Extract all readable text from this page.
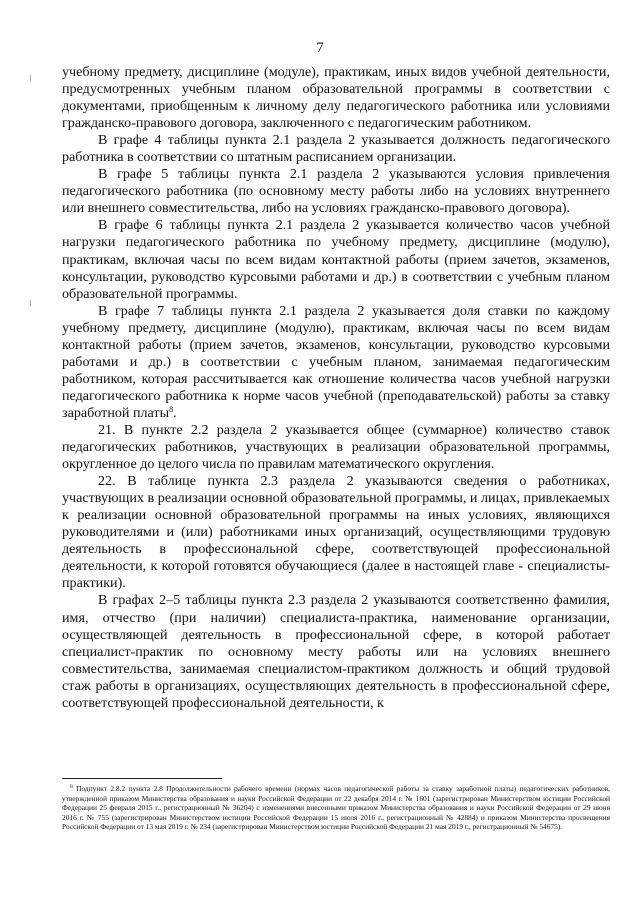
7

учебному предмету, дисциплине (модуле), практикам, иных видов учебной деятельности, предусмотренных учебным планом образовательной программы в соответствии с документами, приобщенным к личному делу педагогического работника или условиями гражданско-правового договора, заключенного с педагогическим работником.

В графе 4 таблицы пункта 2.1 раздела 2 указывается должность педагогического работника в соответствии со штатным расписанием организации.

В графе 5 таблицы пункта 2.1 раздела 2 указываются условия привлечения педагогического работника (по основному месту работы либо на условиях внутреннего или внешнего совместительства, либо на условиях гражданско-правового договора).

В графе 6 таблицы пункта 2.1 раздела 2 указывается количество часов учебной нагрузки педагогического работника по учебному предмету, дисциплине (модулю), практикам, включая часы по всем видам контактной работы (прием зачетов, экзаменов, консультации, руководство курсовыми работами и др.) в соответствии с учебным планом образовательной программы.

В графе 7 таблицы пункта 2.1 раздела 2 указывается доля ставки по каждому учебному предмету, дисциплине (модулю), практикам, включая часы по всем видам контактной работы (прием зачетов, экзаменов, консультации, руководство курсовыми работами и др.) в соответствии с учебным планом, занимаемая педагогическим работником, которая рассчитывается как отношение количества часов учебной нагрузки педагогического работника к норме часов учебной (преподавательской) работы за ставку заработной платы$^8$.

21. В пункте 2.2 раздела 2 указывается общее (суммарное) количество ставок педагогических работников, участвующих в реализации образовательной программы, округленное до целого числа по правилам математического округления.

22. В таблице пункта 2.3 раздела 2 указываются сведения о работниках, участвующих в реализации основной образовательной программы, и лицах, привлекаемых к реализации основной образовательной программы на иных условиях, являющихся руководителями и (или) работниками иных организаций, осуществляющими трудовую деятельность в профессиональной сфере, соответствующей профессиональной деятельности, к которой готовятся обучающиеся (далее в настоящей главе - специалисты-практики).

В графах 2–5 таблицы пункта 2.3 раздела 2 указываются соответственно фамилия, имя, отчество (при наличии) специалиста-практика, наименование организации, осуществляющей деятельность в профессиональной сфере, в которой работает специалист-практик по основному месту работы или на условиях внешнего совместительства, занимаемая специалистом-практиком должность и общий трудовой стаж работы в организациях, осуществляющих деятельность в профессиональной сфере, соответствующей профессиональной деятельности, к

$^8$ Подпункт 2.8.2 пункта 2.8 Продолжительности рабочего времени (нормах часов педагогической работы за ставку заработной платы) педагогических работников, утвержденной приказом Министерства образования и науки Российской Федерации от 22 декабря 2014 г. № 1601 (зарегистрирован Министерством юстиции Российской Федерации 25 февраля 2015 г., регистрационный № 36204) с изменениями внесенными приказом Министерства образования и науки Российской Федерации от 29 июня 2016 г. № 755 (зарегистрирован Министерством юстиции Российской Федерации 15 июля 2016 г., регистрационный № 42884) и приказом Министерства просвещения Российской Федерации от 13 мая 2019 г. № 234 (зарегистрирован Министерством юстиции Российской Федерации 21 мая 2019 г., регистрационный № 54675).
